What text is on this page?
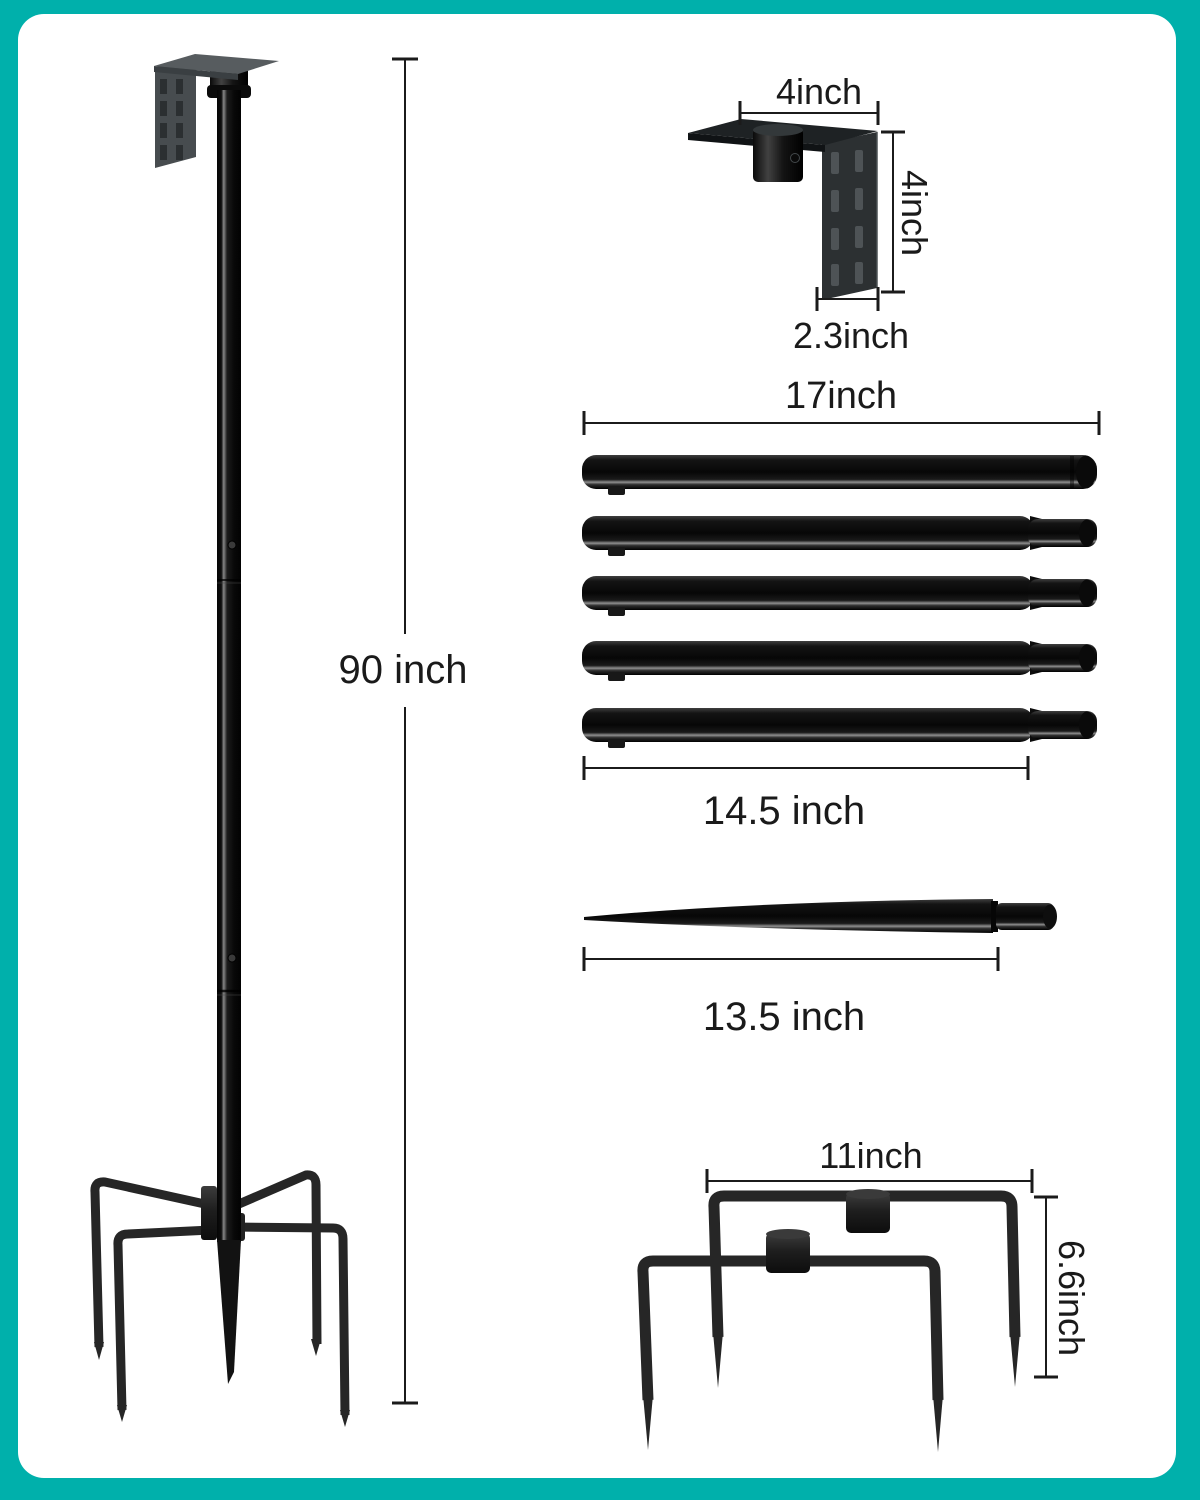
90 inch
4inch
4inch
2.3inch
17inch
14.5 inch
13.5 inch
11inch
6.6inch
